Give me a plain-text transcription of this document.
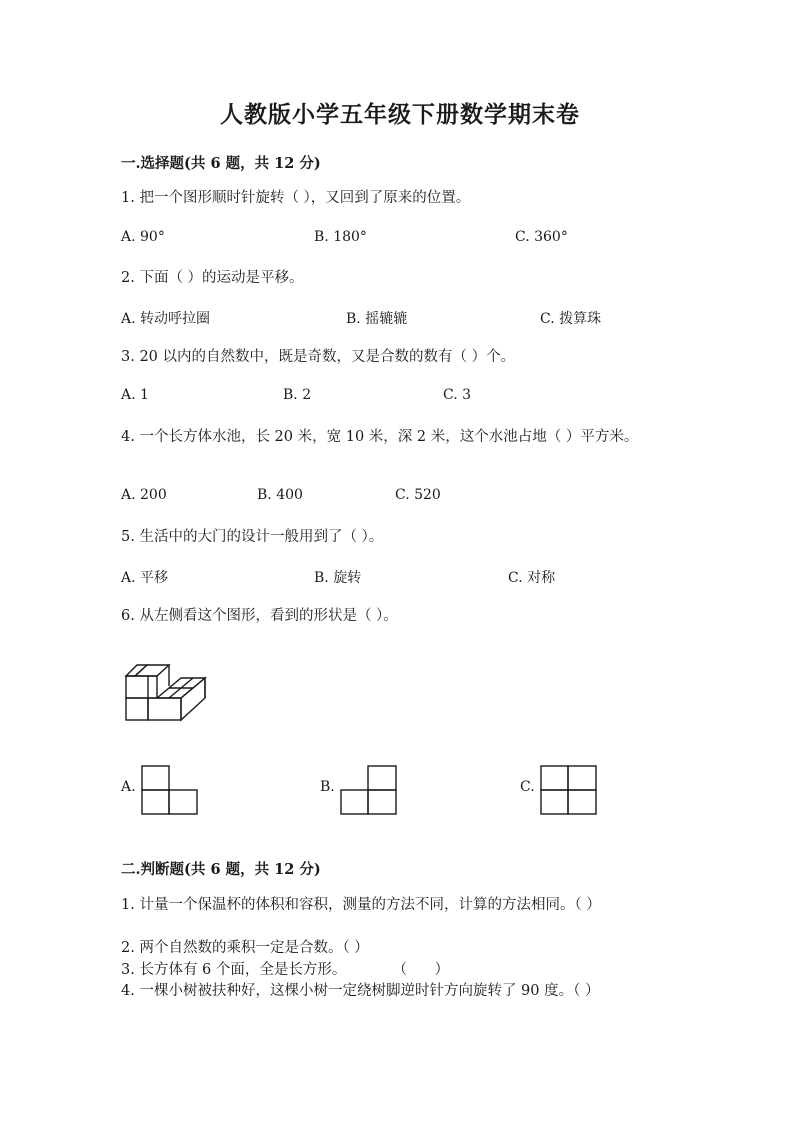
人教版小学五年级下册数学期末卷
一.选择题(共 6 题，共 12 分)
1. 把一个图形顺时针旋转（ ），又回到了原来的位置。
A. 90°	B. 180°	C. 360°
2. 下面（ ）的运动是平移。
A. 转动呼拉圈	B. 摇辘辘	C. 拨算珠
3. 20 以内的自然数中，既是奇数，又是合数的数有（ ）个。
A. 1	B. 2	C. 3
4. 一个长方体水池，长 20 米，宽 10 米，深 2 米，这个水池占地（ ）平方米。
A. 200	B. 400	C. 520
5. 生活中的大门的设计一般用到了（ ）。
A. 平移	B. 旋转	C. 对称
6. 从左侧看这个图形，看到的形状是（ ）。
A.	B.	C.
二.判断题(共 6 题，共 12 分)
1. 计量一个保温杯的体积和容积，测量的方法不同，计算的方法相同。（ ）
2. 两个自然数的乘积一定是合数。（ ）
3. 长方体有 6 个面，全是长方形。          （      ）
4. 一棵小树被扶种好，这棵小树一定绕树脚逆时针方向旋转了 90 度。（ ）
